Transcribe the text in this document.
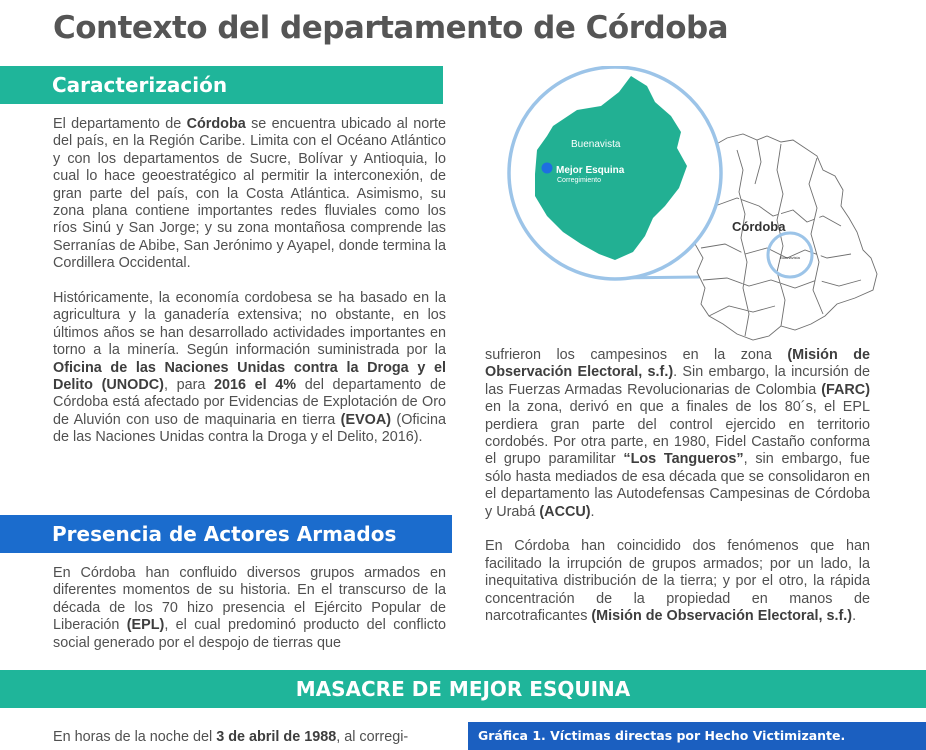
Contexto del departamento de Córdoba
Caracterización

El departamento de Córdoba se encuentra ubicado al norte del país, en la Región Caribe. Limita con el Océano Atlántico y con los departamentos de Sucre, Bolívar y Antioquia, lo cual lo hace geoestratégico al permitir la interconexión, de gran parte del país, con la Costa Atlántica. Asimismo, su zona plana contiene importantes redes fluviales como los ríos Sinú y San Jorge; y su zona montañosa comprende las Serranías de Abibe, San Jerónimo y Ayapel, donde termina la Cordillera Occidental.

Históricamente, la economía cordobesa se ha basado en la agricultura y la ganadería extensiva; no obstante, en los últimos años se han desarrollado actividades importantes en torno a la minería. Según información suministrada por la Oficina de las Naciones Unidas contra la Droga y el Delito (UNODC), para 2016 el 4% del departamento de Córdoba está afectado por Evidencias de Explotación de Oro de Aluvión con uso de maquinaria en tierra (EVOA) (Oficina de las Naciones Unidas contra la Droga y el Delito, 2016).

Presencia de Actores Armados

En Córdoba han confluido diversos grupos armados en diferentes momentos de su historia. En el transcurso de la década de los 70 hizo presencia el Ejército Popular de Liberación (EPL), el cual predominó producto del conflicto social generado por el despojo de tierras que

sufrieron los campesinos en la zona (Misión de Observación Electoral, s.f.). Sin embargo, la incursión de las Fuerzas Armadas Revolucionarias de Colombia (FARC) en la zona, derivó en que a finales de los 80´s, el EPL perdiera gran parte del control ejercido en territorio cordobés. Por otra parte, en 1980, Fidel Castaño conforma el grupo paramilitar “Los Tangueros”, sin embargo, fue sólo hasta mediados de esa década que se consolidaron en el departamento las Autodefensas Campesinas de Córdoba y Urabá (ACCU).

En Córdoba han coincidido dos fenómenos que han facilitado la irrupción de grupos armados; por un lado, la inequitativa distribución de la tierra; y por el otro, la rápida concentración de la propiedad en manos de narcotraficantes (Misión de Observación Electoral, s.f.).

Buenavista
Córdoba
Buenavista
Mejor Esquina
Corregimiento
MASACRE DE MEJOR ESQUINA

En horas de la noche del 3 de abril de 1988, al corregi-	Gráfica 1. Víctimas directas por Hecho Victimizante.
